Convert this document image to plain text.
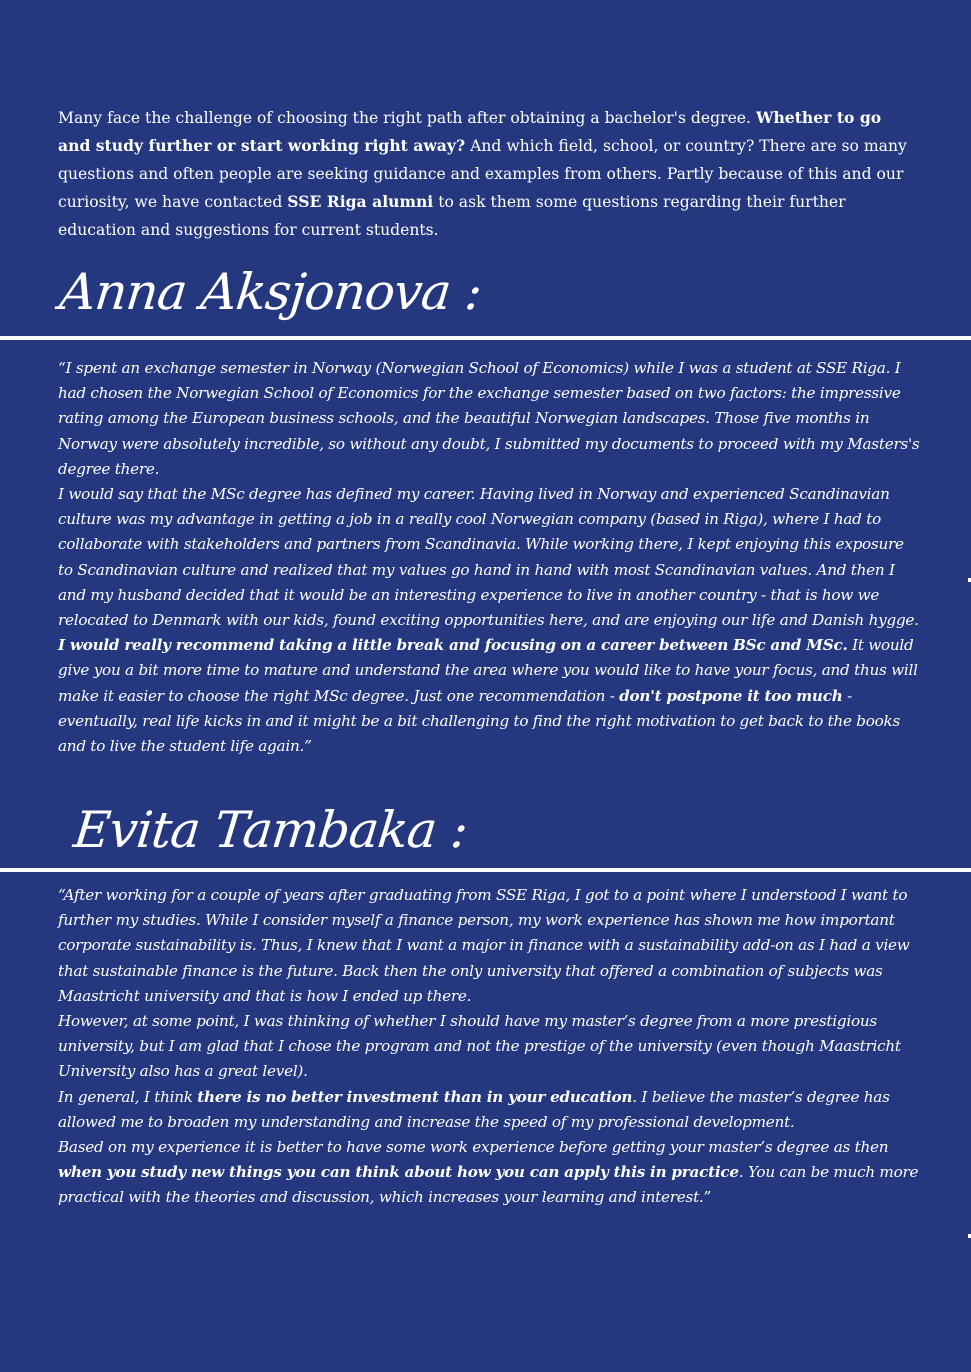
Many face the challenge of choosing the right path after obtaining a bachelor's degree. Whether to go and study further or start working right away? And which field, school, or country? There are so many questions and often people are seeking guidance and examples from others. Partly because of this and our curiosity, we have contacted SSE Riga alumni to ask them some questions regarding their further education and suggestions for current students.

Anna Aksjonova :

“I spent an exchange semester in Norway (Norwegian School of Economics) while I was a student at SSE Riga. I had chosen the Norwegian School of Economics for the exchange semester based on two factors: the impressive rating among the European business schools, and the beautiful Norwegian landscapes. Those five months in Norway were absolutely incredible, so without any doubt, I submitted my documents to proceed with my Masters's degree there.

I would say that the MSc degree has defined my career. Having lived in Norway and experienced Scandinavian culture was my advantage in getting a job in a really cool Norwegian company (based in Riga), where I had to collaborate with stakeholders and partners from Scandinavia. While working there, I kept enjoying this exposure to Scandinavian culture and realized that my values go hand in hand with most Scandinavian values. And then I and my husband decided that it would be an interesting experience to live in another country - that is how we relocated to Denmark with our kids, found exciting opportunities here, and are enjoying our life and Danish hygge.

I would really recommend taking a little break and focusing on a career between BSc and MSc. It would give you a bit more time to mature and understand the area where you would like to have your focus, and thus will make it easier to choose the right MSc degree. Just one recommendation - don't postpone it too much - eventually, real life kicks in and it might be a bit challenging to find the right motivation to get back to the books and to live the student life again.”

Evita Tambaka :

“After working for a couple of years after graduating from SSE Riga, I got to a point where I understood I want to further my studies. While I consider myself a finance person, my work experience has shown me how important corporate sustainability is. Thus, I knew that I want a major in finance with a sustainability add-on as I had a view that sustainable finance is the future. Back then the only university that offered a combination of subjects was Maastricht university and that is how I ended up there.

However, at some point, I was thinking of whether I should have my master’s degree from a more prestigious university, but I am glad that I chose the program and not the prestige of the university (even though Maastricht University also has a great level).

In general, I think there is no better investment than in your education. I believe the master’s degree has allowed me to broaden my understanding and increase the speed of my professional development.

Based on my experience it is better to have some work experience before getting your master’s degree as then when you study new things you can think about how you can apply this in practice. You can be much more practical with the theories and discussion, which increases your learning and interest.”
